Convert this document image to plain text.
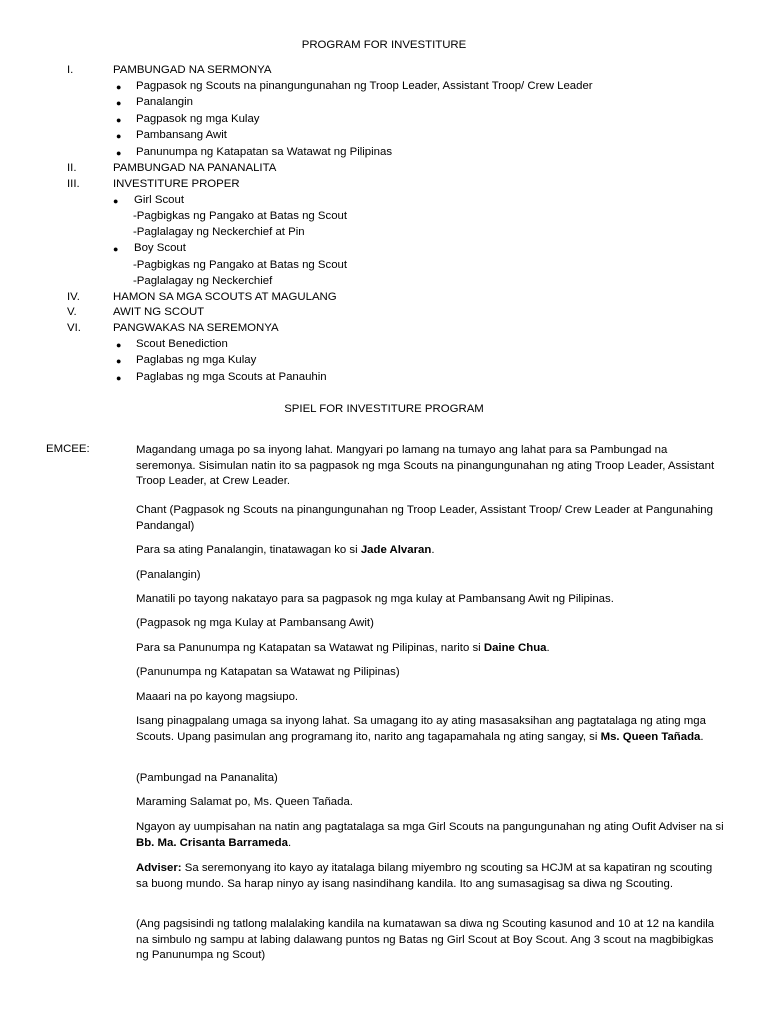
PROGRAM FOR INVESTITURE
I.	PAMBUNGAD NA SERMONYA
● Pagpasok ng Scouts na pinangungunahan ng Troop Leader, Assistant Troop/ Crew Leader
● Panalangin
● Pagpasok ng mga Kulay
● Pambansang Awit
● Panunumpa ng Katapatan sa Watawat ng Pilipinas
II.	PAMBUNGAD NA PANANALITA
III.	INVESTITURE PROPER
● Girl Scout
-Pagbigkas ng Pangako at Batas ng Scout
-Paglalagay ng Neckerchief at Pin
● Boy Scout
-Pagbigkas ng Pangako at Batas ng Scout
-Paglalagay ng Neckerchief
IV.	HAMON SA MGA SCOUTS AT MAGULANG
V.	AWIT NG SCOUT
VI.	PANGWAKAS NA SEREMONYA
● Scout Benediction
● Paglabas ng mga Kulay
● Paglabas ng mga Scouts at Panauhin
SPIEL FOR INVESTITURE PROGRAM
EMCEE:	Magandang umaga po sa inyong lahat. Mangyari po lamang na tumayo ang lahat para sa Pambungad na seremonya. Sisimulan natin ito sa pagpasok ng mga Scouts na pinangungunahan ng ating Troop Leader, Assistant Troop Leader, at Crew Leader.
Chant (Pagpasok ng Scouts na pinangungunahan ng Troop Leader, Assistant Troop/ Crew Leader at Pangunahing Pandangal)
Para sa ating Panalangin, tinatawagan ko si Jade Alvaran.
(Panalangin)
Manatili po tayong nakatayo para sa pagpasok ng mga kulay at Pambansang Awit ng Pilipinas.
(Pagpasok ng mga Kulay at Pambansang Awit)
Para sa Panunumpa ng Katapatan sa Watawat ng Pilipinas, narito si Daine Chua.
(Panunumpa ng Katapatan sa Watawat ng Pilipinas)
Maaari na po kayong magsiupo.
Isang pinagpalang umaga sa inyong lahat. Sa umagang ito ay ating masasaksihan ang pagtatalaga ng ating mga Scouts. Upang pasimulan ang programang ito, narito ang tagapamahala ng ating sangay, si Ms. Queen Tañada.
(Pambungad na Pananalita)
Maraming Salamat po, Ms. Queen Tañada.
Ngayon ay uumpisahan na natin ang pagtatalaga sa mga Girl Scouts na pangungunahan ng ating Oufit Adviser na si Bb. Ma. Crisanta Barrameda.
Adviser: Sa seremonyang ito kayo ay itatalaga bilang miyembro ng scouting sa HCJM at sa kapatiran ng scouting sa buong mundo. Sa harap ninyo ay isang nasindihang kandila. Ito ang sumasagisag sa diwa ng Scouting.
(Ang pagsisindi ng tatlong malalaking kandila na kumatawan sa diwa ng Scouting kasunod and 10 at 12 na kandila na simbulo ng sampu at labing dalawang puntos ng Batas ng Girl Scout at Boy Scout. Ang 3 scout na magbibigkas ng Panunumpa ng Scout)
